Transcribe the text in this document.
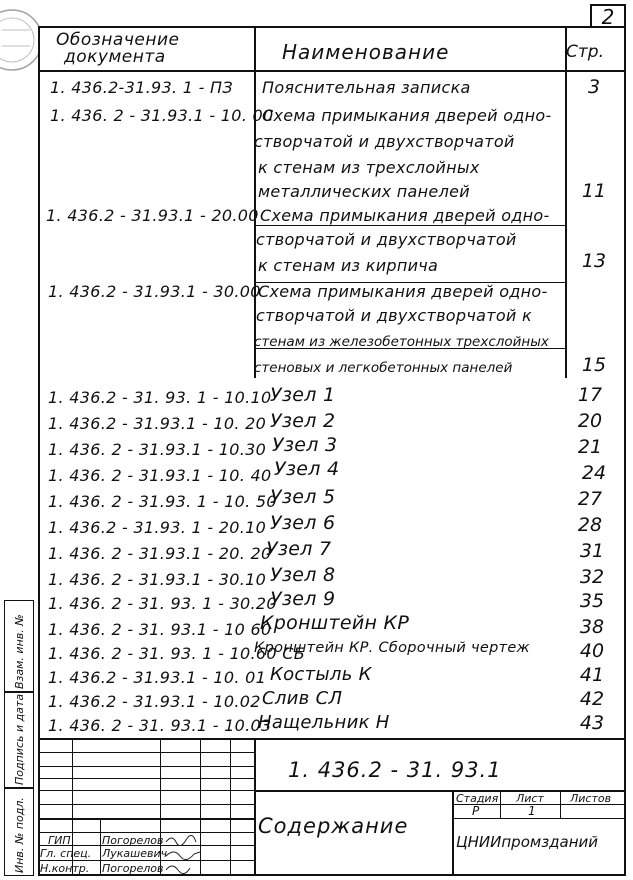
2
Обозначение
документа	Наименование	Стр.
1. 436.2-31.93. 1 - ПЗ Пояснительная записка	3
1. 436. 2 - 31.93.1 - 10. 00
Схема примыкания дверей одно-
створчатой и двухстворчатой
к стенам из трехслойных
металлических панелей	11
1. 436.2 - 31.93.1 - 20.00 Схема примыкания дверей одно-
створчатой и двухстворчатой
к стенам из кирпича	13
1. 436.2 - 31.93.1 - 30.00
Схема примыкания дверей одно-
створчатой и двухстворчатой к
стенам из железобетонных трехслойных
стеновых и легкобетонных панелей	15
1. 436.2 - 31. 93. 1 - 10.10
Узел 1	17
1. 436.2 - 31.93.1 - 10. 20 Узел 2	20
1. 436. 2 - 31.93.1 - 10.30 Узел 3	21
1. 436. 2 - 31.93.1 - 10. 40 Узел 4	24
1. 436. 2 - 31.93. 1 - 10. 50
Узел 5	27
1. 436.2 - 31.93. 1 - 20.10 Узел 6	28
1. 436. 2 - 31.93.1 - 20. 20
Узел 7	31
1. 436. 2 - 31.93.1 - 30.10 Узел 8	32
1. 436. 2 - 31. 93. 1 - 30.20
Узел 9	35
1. 436. 2 - 31. 93.1 - 10 60
Кронштейн КР	38
1. 436. 2 - 31. 93. 1 - 10.60 СБ
Кронштейн КР. Сборочный чертеж	40
1. 436.2 - 31.93.1 - 10. 01 Костыль К	41
1. 436.2 - 31.93.1 - 10.02 Слив СЛ	42
1. 436. 2 - 31. 93.1 - 10.03
Нащельник Н	43
Взам. инв. №
Подпись и дата
Инв. № подл. ГИП	Погорелов
Гл. спец. Лукашевич
Н.контр. Погорелов
1. 436.2 - 31. 93.1
Содержание
Стадия Лист Листов
Р	1
ЦНИИпромзданий
